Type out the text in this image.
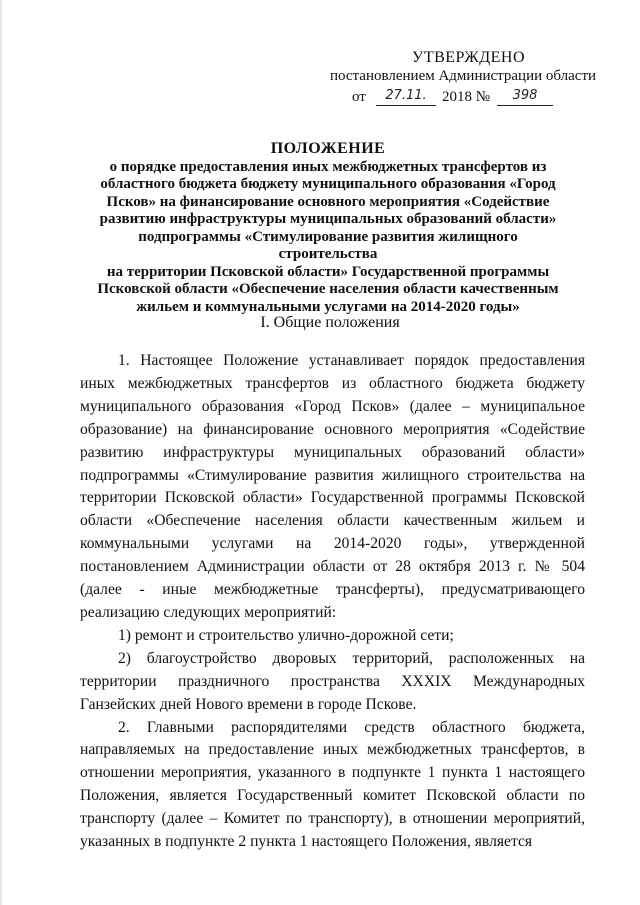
УТВЕРЖДЕНО
постановлением Администрации области
от	27.11.	2018 №	398
ПОЛОЖЕНИЕ
о порядке предоставления иных межбюджетных трансфертов из
областного бюджета бюджету муниципального образования «Город
Псков» на финансирование основного мероприятия «Содействие
развитию инфраструктуры муниципальных образований области»
подпрограммы «Стимулирование развития жилищного строительства
на территории Псковской области» Государственной программы
Псковской области «Обеспечение населения области качественным
жильем и коммунальными услугами на 2014-2020 годы»
I. Общие положения

1. Настоящее Положение устанавливает порядок предоставления иных межбюджетных трансфертов из областного бюджета бюджету муниципального образования «Город Псков» (далее – муниципальное образование) на финансирование основного мероприятия «Содействие развитию инфраструктуры муниципальных образований области» подпрограммы «Стимулирование развития жилищного строительства на территории Псковской области» Государственной программы Псковской области «Обеспечение населения области качественным жильем и коммунальными услугами на 2014-2020 годы», утвержденной постановлением Администрации области от 28 октября 2013 г. № 504 (далее - иные межбюджетные трансферты), предусматривающего реализацию следующих мероприятий:

1) ремонт и строительство улично-дорожной сети;

2) благоустройство дворовых территорий, расположенных на территории праздничного пространства XXXIX Международных Ганзейских дней Нового времени в городе Пскове.

2. Главными распорядителями средств областного бюджета, направляемых на предоставление иных межбюджетных трансфертов, в отношении мероприятия, указанного в подпункте 1 пункта 1 настоящего Положения, является Государственный комитет Псковской области по транспорту (далее – Комитет по транспорту), в отношении мероприятий, указанных в подпункте 2 пункта 1 настоящего Положения, является
